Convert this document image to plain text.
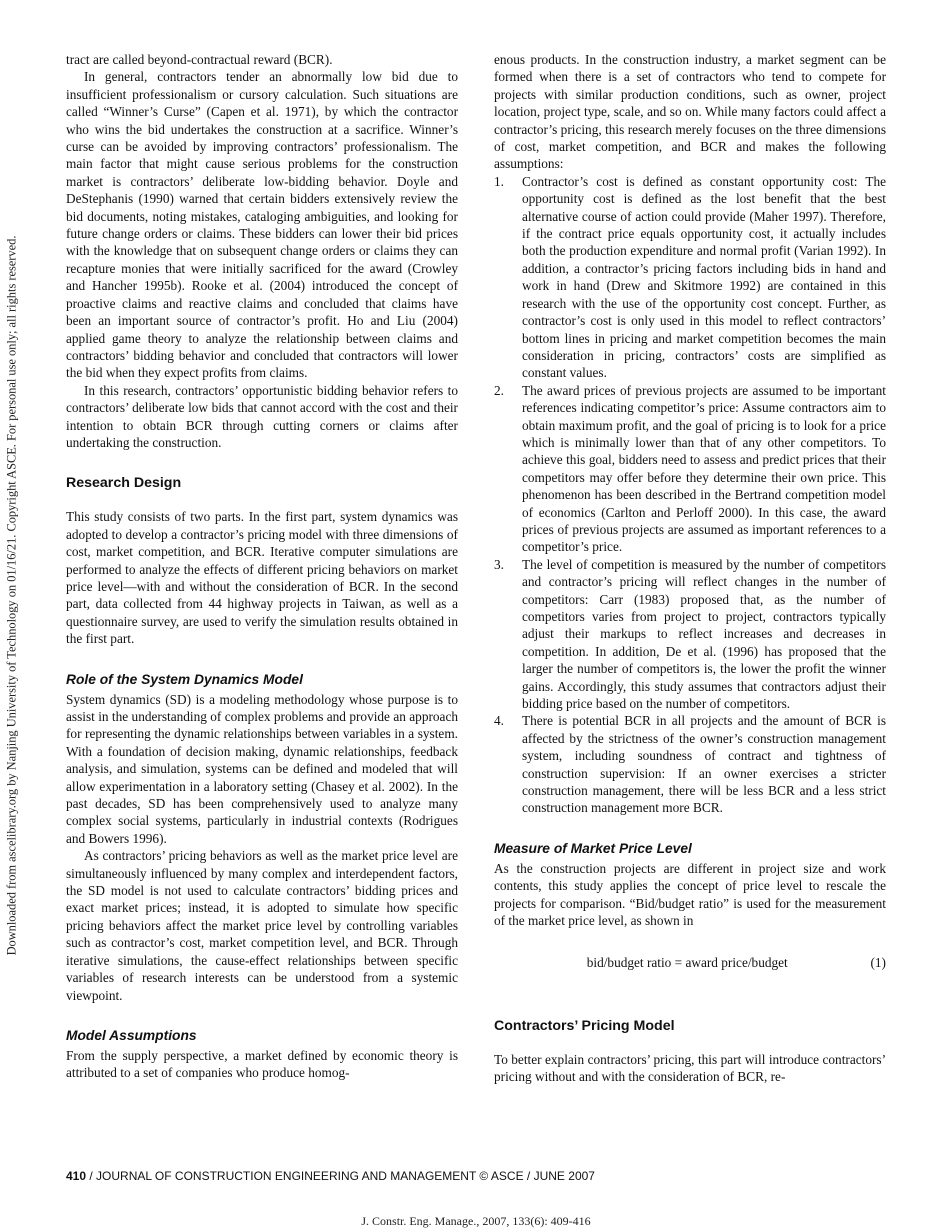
Downloaded from ascelibrary.org by Nanjing University of Technology on 01/16/21. Copyright ASCE. For personal use only; all rights reserved.

tract are called beyond-contractual reward (BCR).

In general, contractors tender an abnormally low bid due to insufficient professionalism or cursory calculation. Such situations are called “Winner’s Curse” (Capen et al. 1971), by which the contractor who wins the bid undertakes the construction at a sacrifice. Winner’s curse can be avoided by improving contractors’ professionalism. The main factor that might cause serious problems for the construction market is contractors’ deliberate low-bidding behavior. Doyle and DeStephanis (1990) warned that certain bidders extensively review the bid documents, noting mistakes, cataloging ambiguities, and looking for future change orders or claims. These bidders can lower their bid prices with the knowledge that on subsequent change orders or claims they can recapture monies that were initially sacrificed for the award (Crowley and Hancher 1995b). Rooke et al. (2004) introduced the concept of proactive claims and reactive claims and concluded that claims have been an important source of contractor’s profit. Ho and Liu (2004) applied game theory to analyze the relationship between claims and contractors’ bidding behavior and concluded that contractors will lower the bid when they expect profits from claims.

In this research, contractors’ opportunistic bidding behavior refers to contractors’ deliberate low bids that cannot accord with the cost and their intention to obtain BCR through cutting corners or claims after undertaking the construction.

Research Design

This study consists of two parts. In the first part, system dynamics was adopted to develop a contractor’s pricing model with three dimensions of cost, market competition, and BCR. Iterative computer simulations are performed to analyze the effects of different pricing behaviors on market price level—with and without the consideration of BCR. In the second part, data collected from 44 highway projects in Taiwan, as well as a questionnaire survey, are used to verify the simulation results obtained in the first part.

Role of the System Dynamics Model

System dynamics (SD) is a modeling methodology whose purpose is to assist in the understanding of complex problems and provide an approach for representing the dynamic relationships between variables in a system. With a foundation of decision making, dynamic relationships, feedback analysis, and simulation, systems can be defined and modeled that will allow experimentation in a laboratory setting (Chasey et al. 2002). In the past decades, SD has been comprehensively used to analyze many complex social systems, particularly in industrial contexts (Rodrigues and Bowers 1996).

As contractors’ pricing behaviors as well as the market price level are simultaneously influenced by many complex and interdependent factors, the SD model is not used to calculate contractors’ bidding prices and exact market prices; instead, it is adopted to simulate how specific pricing behaviors affect the market price level by controlling variables such as contractor’s cost, market competition level, and BCR. Through iterative simulations, the cause-effect relationships between specific variables of research interests can be understood from a systemic viewpoint.

Model Assumptions

From the supply perspective, a market defined by economic theory is attributed to a set of companies who produce homog-

enous products. In the construction industry, a market segment can be formed when there is a set of contractors who tend to compete for projects with similar production conditions, such as owner, project location, project type, scale, and so on. While many factors could affect a contractor’s pricing, this research merely focuses on the three dimensions of cost, market competition, and BCR and makes the following assumptions:

1.	Contractor’s cost is defined as constant opportunity cost: The opportunity cost is defined as the lost benefit that the best alternative course of action could provide (Maher 1997). Therefore, if the contract price equals opportunity cost, it actually includes both the production expenditure and normal profit (Varian 1992). In addition, a contractor’s pricing factors including bids in hand and work in hand (Drew and Skitmore 1992) are contained in this research with the use of the opportunity cost concept. Further, as contractor’s cost is only used in this model to reflect contractors’ bottom lines in pricing and market competition becomes the main consideration in pricing, contractors’ costs are simplified as constant values.

2.	The award prices of previous projects are assumed to be important references indicating competitor’s price: Assume contractors aim to obtain maximum profit, and the goal of pricing is to look for a price which is minimally lower than that of any other competitors. To achieve this goal, bidders need to assess and predict prices that their competitors may offer before they determine their own price. This phenomenon has been described in the Bertrand competition model of economics (Carlton and Perloff 2000). In this case, the award prices of previous projects are assumed as important references to a competitor’s price.

3.	The level of competition is measured by the number of competitors and contractor’s pricing will reflect changes in the number of competitors: Carr (1983) proposed that, as the number of competitors varies from project to project, contractors typically adjust their markups to reflect increases and decreases in competition. In addition, De et al. (1996) has proposed that the larger the number of competitors is, the lower the profit the winner gains. Accordingly, this study assumes that contractors adjust their bidding price based on the number of competitors.

4.	There is potential BCR in all projects and the amount of BCR is affected by the strictness of the owner’s construction management system, including soundness of contract and tightness of construction supervision: If an owner exercises a stricter construction management, there will be less BCR and a less strict construction management more BCR.

Measure of Market Price Level

As the construction projects are different in project size and work contents, this study applies the concept of price level to rescale the projects for comparison. “Bid/budget ratio” is used for the measurement of the market price level, as shown in

bid/budget ratio = award price/budget	(1)
Contractors’ Pricing Model

To better explain contractors’ pricing, this part will introduce contractors’ pricing without and with the consideration of BCR, re-

410 / JOURNAL OF CONSTRUCTION ENGINEERING AND MANAGEMENT © ASCE / JUNE 2007
J. Constr. Eng. Manage., 2007, 133(6): 409-416
